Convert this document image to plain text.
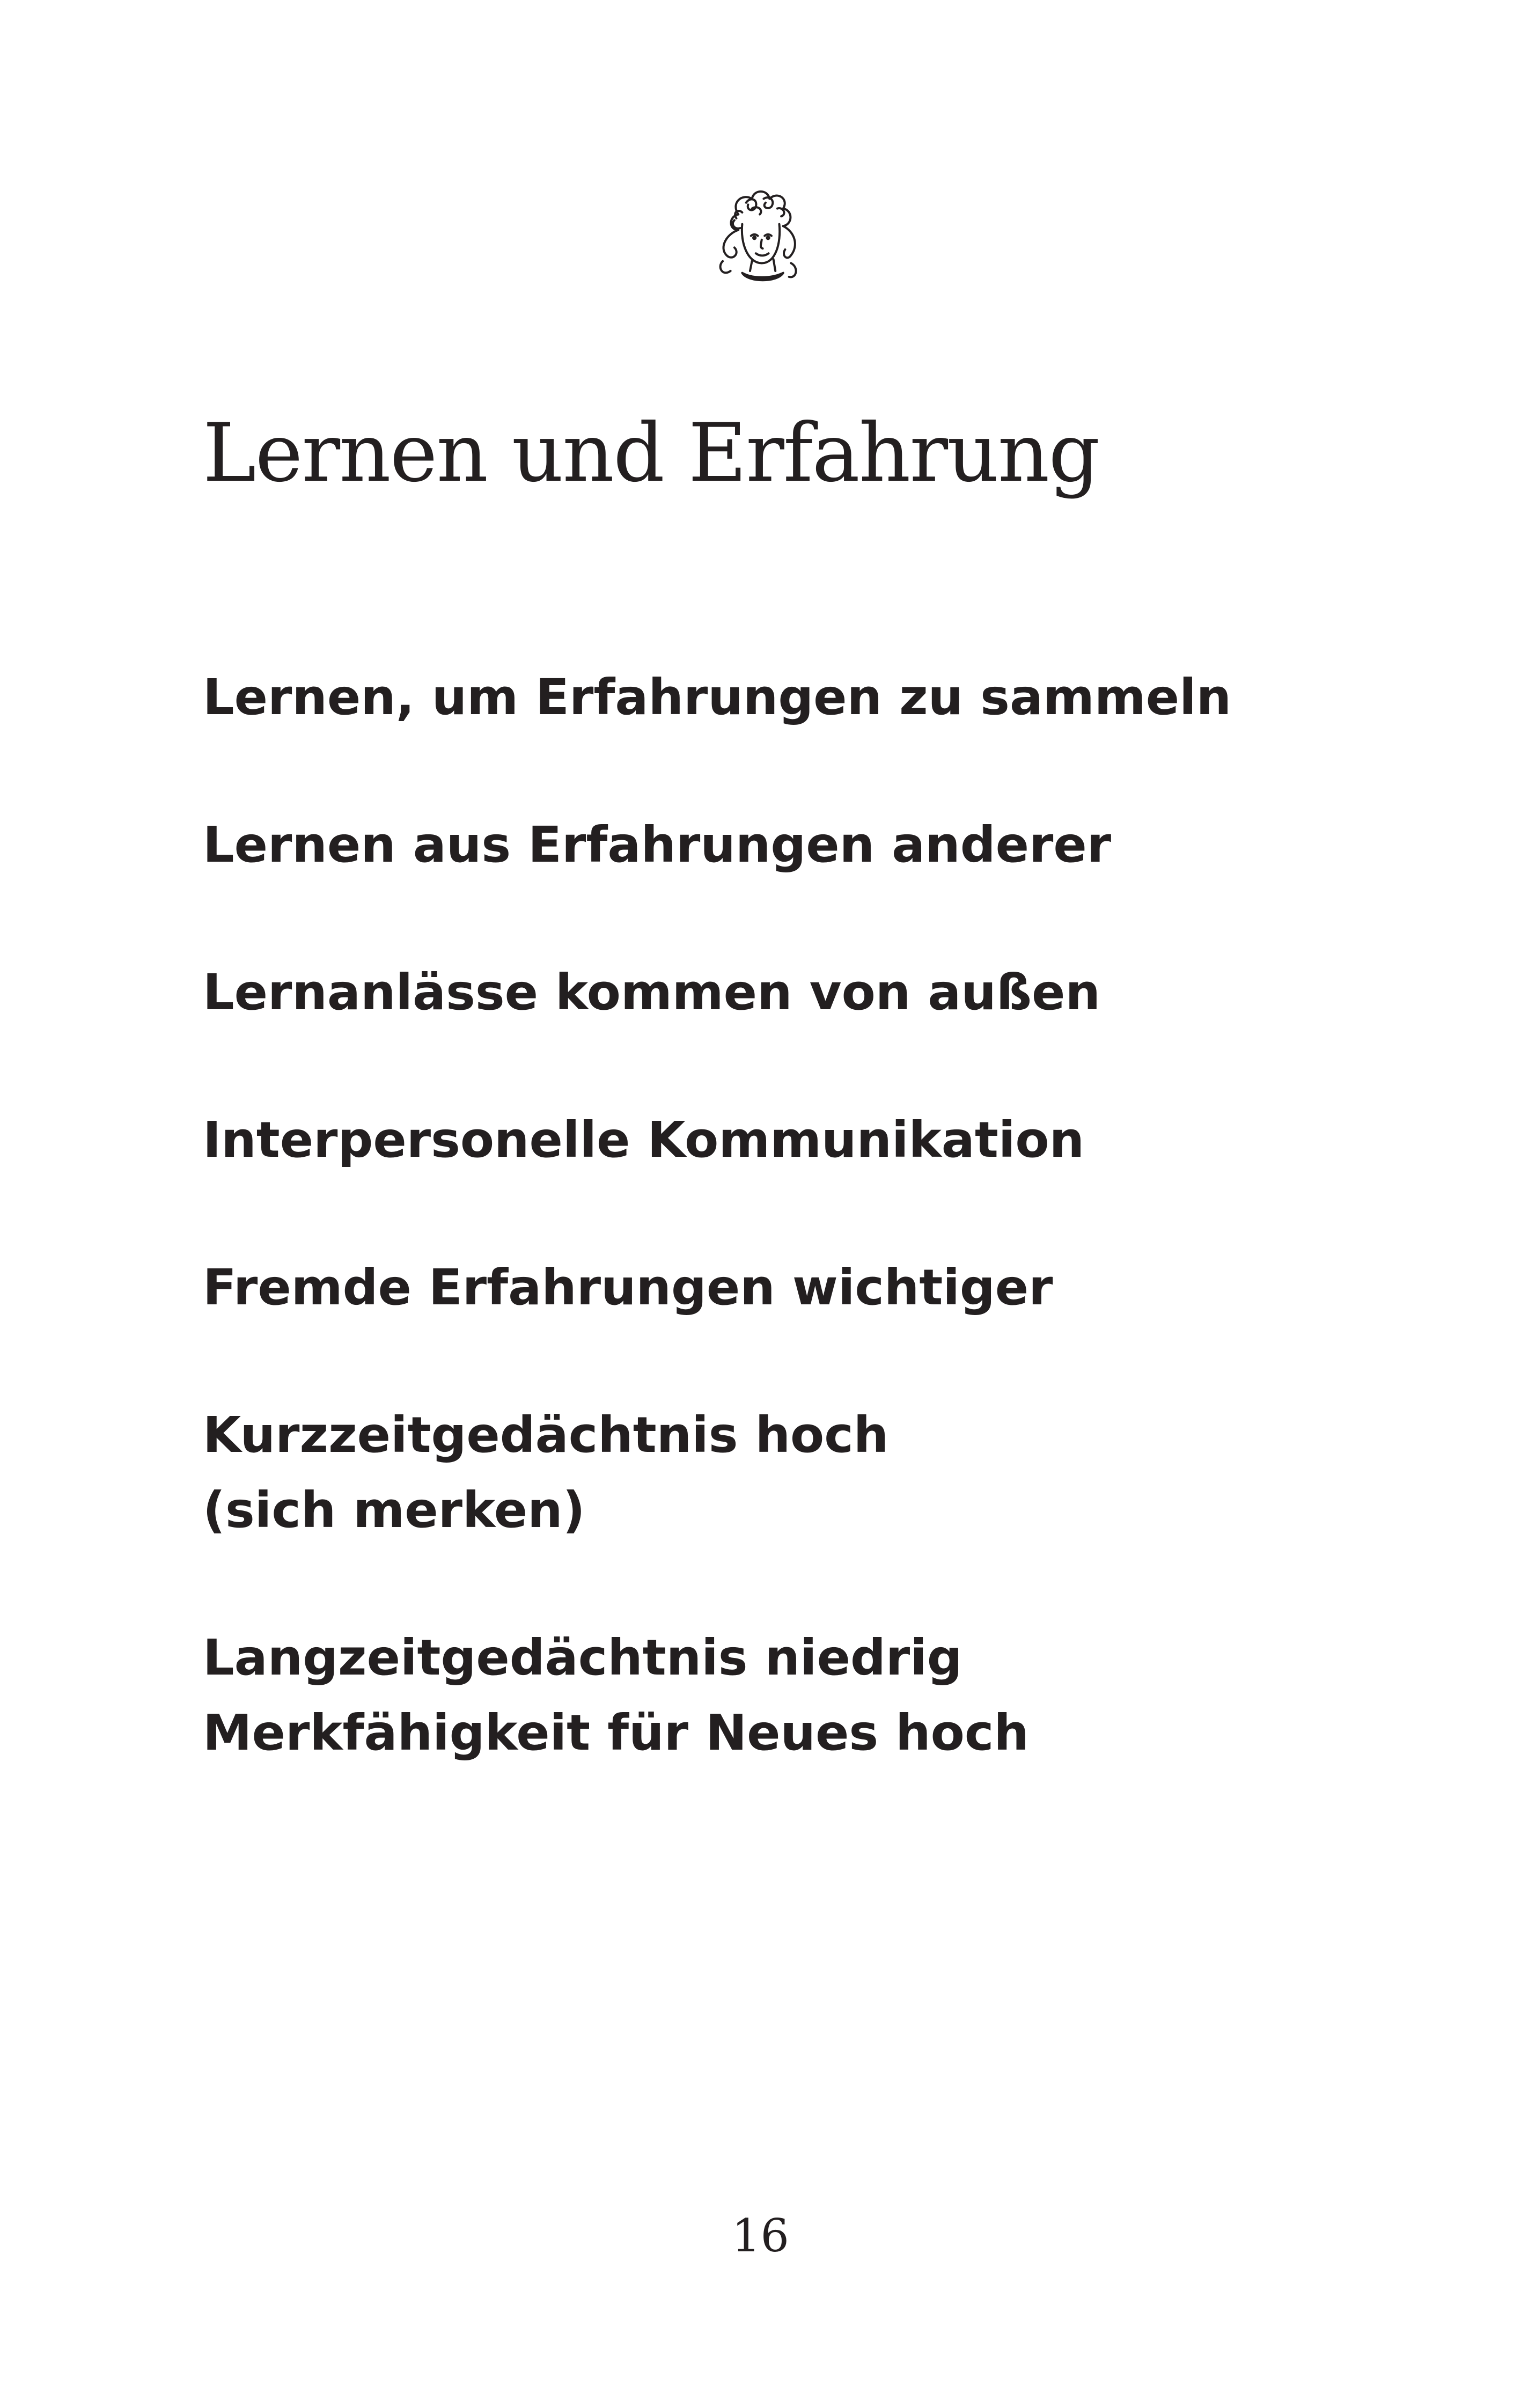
Lernen und Erfahrung
Lernen, um Erfahrungen zu sammeln
Lernen aus Erfahrungen anderer
Lernanlässe kommen von außen
Interpersonelle Kommunikation
Fremde Erfahrungen wichtiger
Kurzzeitgedächtnis hoch
(sich merken)
Langzeitgedächtnis niedrig
Merkfähigkeit für Neues hoch
16
